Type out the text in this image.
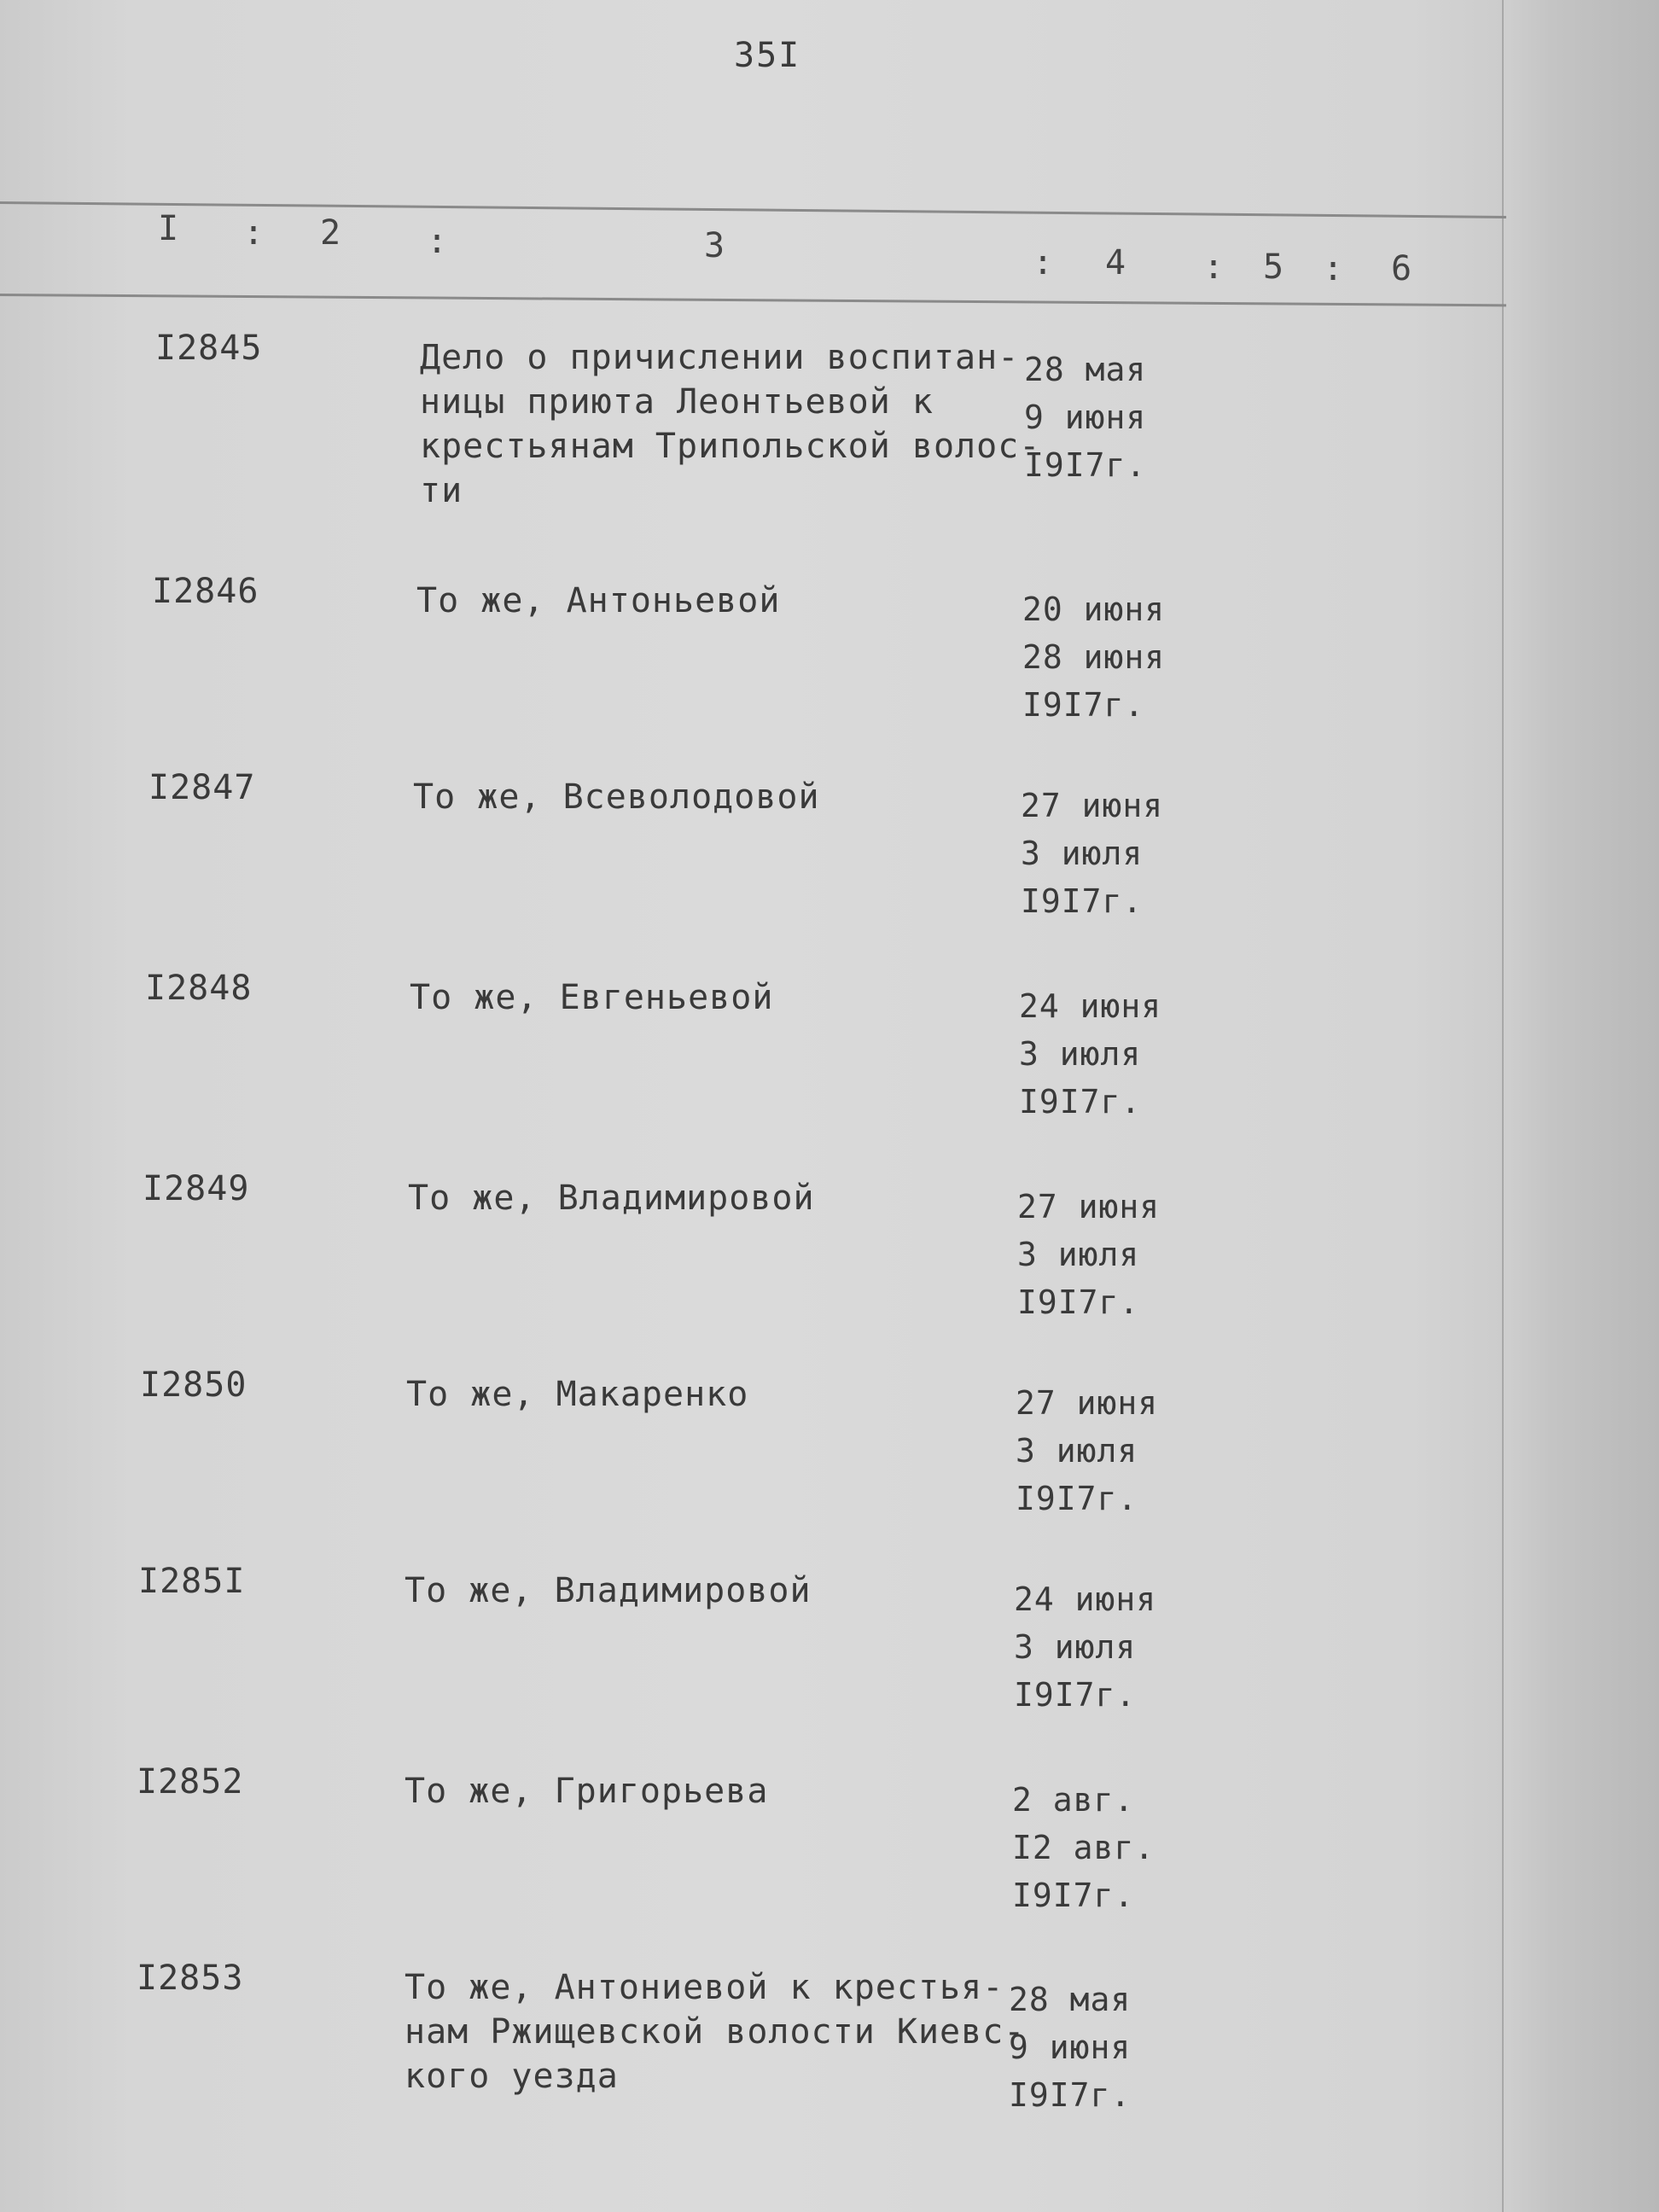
35I
I : 2	:	3	: 4 : 5 : 6
I2845	Дело о причислении воспитан-
ницы приюта Леонтьевой к
крестьянам Трипольской волос-
ти
28 мая
9 июня
I9I7г.
I2846	То же, Антоньевой	20 июня
28 июня
I9I7г.
I2847	То же, Всеволодовой	27 июня
3 июля
I9I7г.
I2848	То же, Евгеньевой	24 июня
3 июля
I9I7г.
I2849	То же, Владимировой	27 июня
3 июля
I9I7г.
I2850	То же, Макаренко	27 июня
3 июля
I9I7г.
I285I	То же, Владимировой	24 июня
3 июля
I9I7г.
I2852	То же, Григорьева	2 авг.
I2 авг.
I9I7г.
I2853	То же, Антониевой к крестья-
нам Ржищевской волости Киевс-
кого уезда
28 мая
9 июня
I9I7г.
